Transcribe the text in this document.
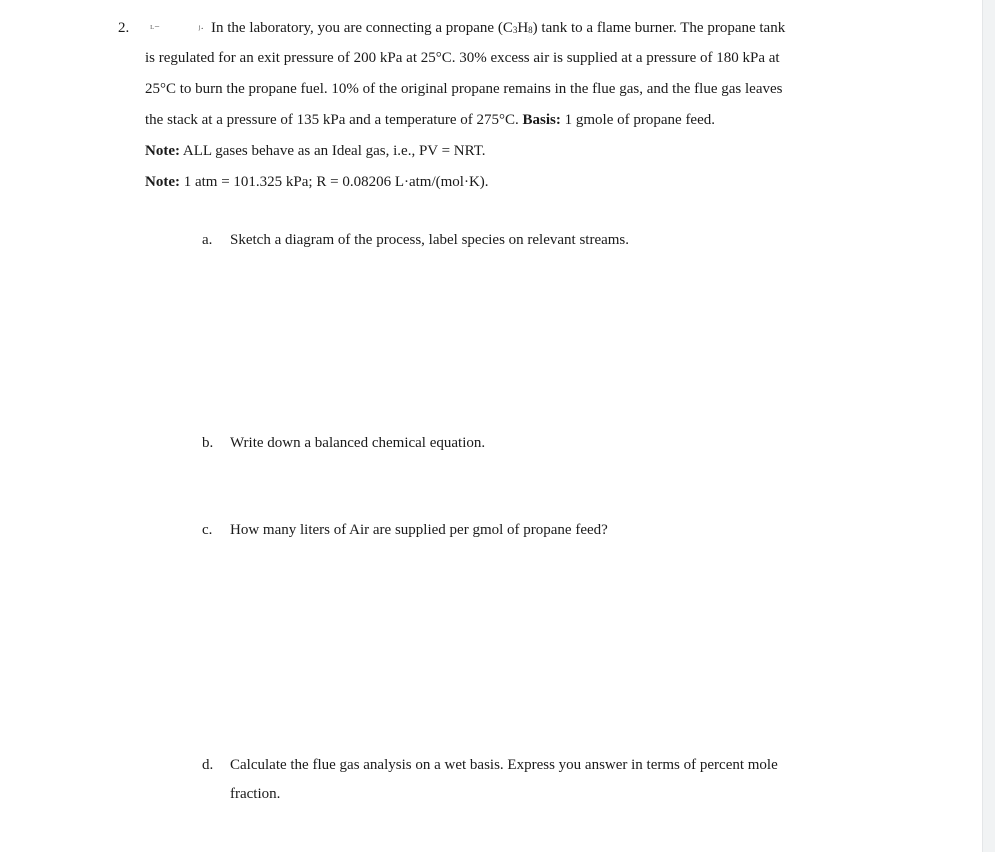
2. ᴸ⁻	ʲ· In the laboratory, you are connecting a propane (C3H8) tank to a flame burner. The propane tank
is regulated for an exit pressure of 200 kPa at 25°C. 30% excess air is supplied at a pressure of 180 kPa at
25°C to burn the propane fuel. 10% of the original propane remains in the flue gas, and the flue gas leaves
the stack at a pressure of 135 kPa and a temperature of 275°C. Basis: 1 gmole of propane feed.
Note: ALL gases behave as an Ideal gas, i.e., PV = NRT.
Note: 1 atm = 101.325 kPa; R = 0.08206 L·atm/(mol·K).
a. Sketch a diagram of the process, label species on relevant streams.
b. Write down a balanced chemical equation.
c. How many liters of Air are supplied per gmol of propane feed?
d. Calculate the flue gas analysis on a wet basis. Express you answer in terms of percent mole
fraction.
